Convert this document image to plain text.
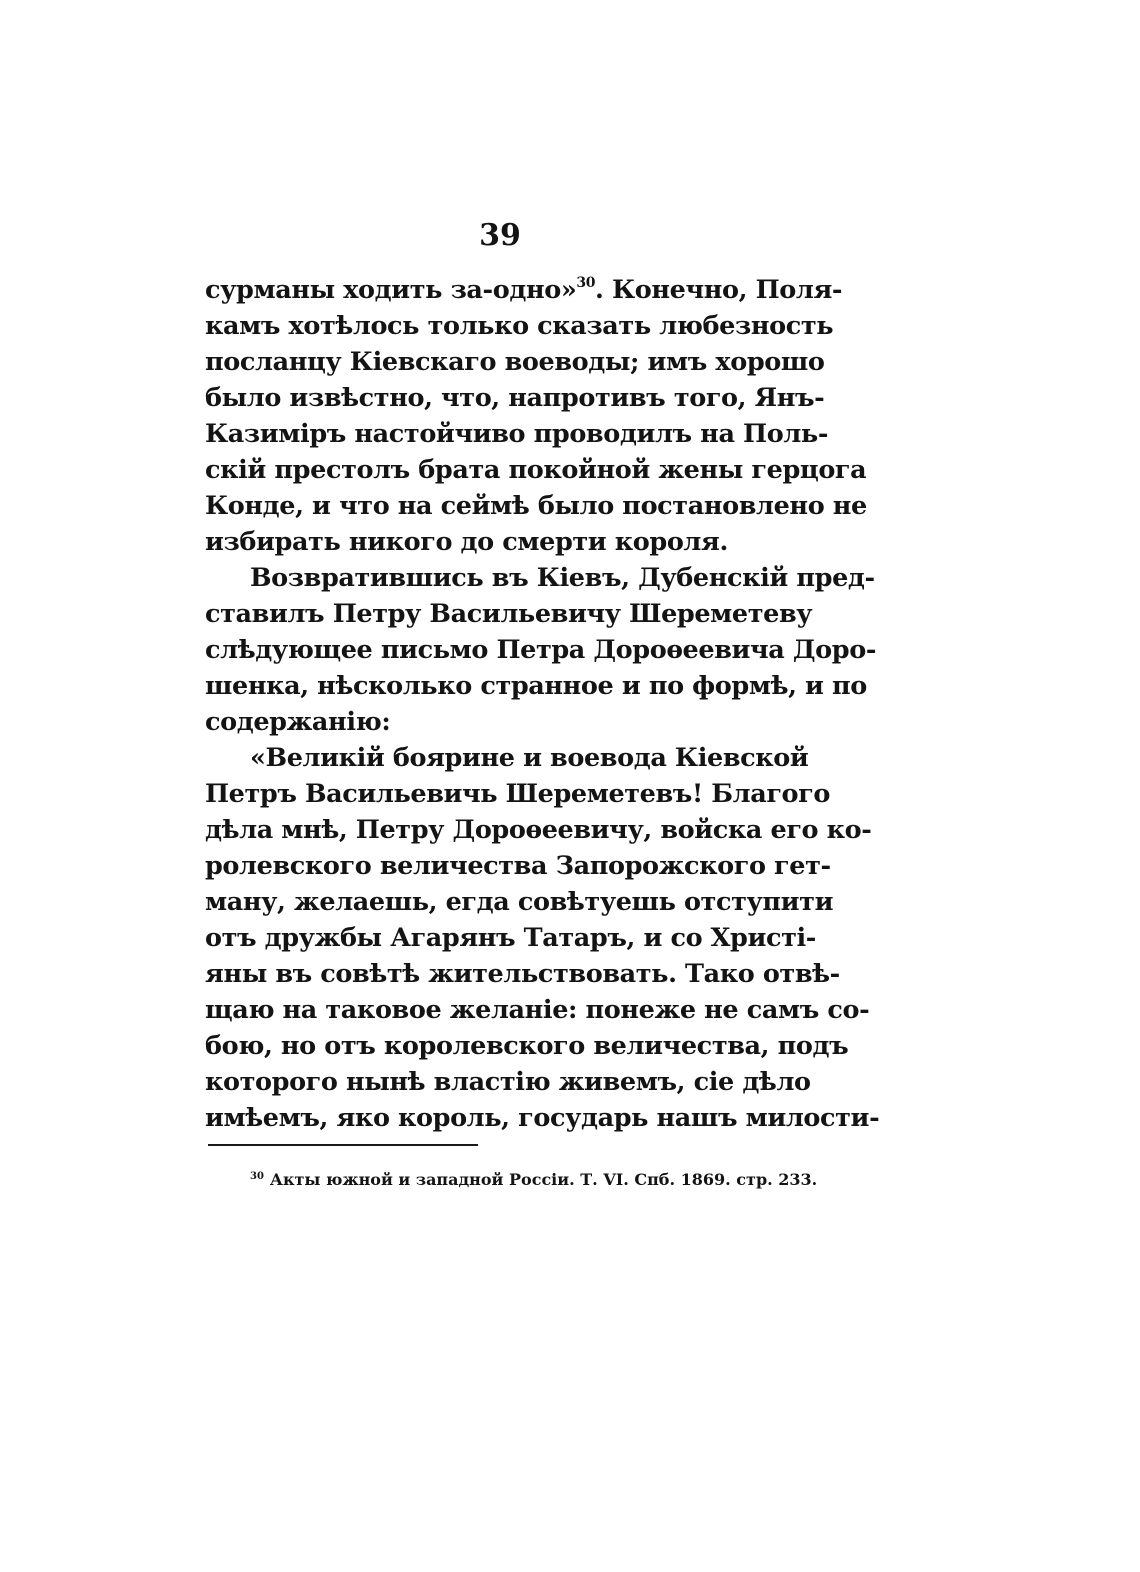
39
сурманы ходить за-одно»$^{30}$. Конечно, Поля-
камъ хотѣлось только сказать любезность
посланцу Кіевскаго воеводы; имъ хорошо
было извѣстно, что, напротивъ того, Янъ-
Казиміръ настойчиво проводилъ на Поль-
скій престолъ брата покойной жены герцога
Конде, и что на сеймѣ было постановлено не
избирать никого до смерти короля.
Возвратившись въ Кіевъ, Дубенскій пред-
ставилъ Петру Васильевичу Шереметеву
слѣдующее письмо Петра Дороѳеевича Доро-
шенка, нѣсколько странное и по формѣ, и по
содержанію:
«Великій боярине и воевода Кіевской
Петръ Васильевичь Шереметевъ! Благого
дѣла мнѣ, Петру Дороѳеевичу, войска его ко-
ролевского величества Запорожского гет-
ману, желаешь, егда совѣтуешь отступити
отъ дружбы Агарянъ Татаръ, и со Христі-
яны въ совѣтѣ жительствовать. Тако отвѣ-
щаю на таковое желаніе: понеже не самъ со-
бою, но отъ королевского величества, подъ
которого нынѣ властію живемъ, сіе дѣло
имѣемъ, яко король, государь нашъ милости-
$^{30}$ Акты южной и западной Россіи. Т. VI. Спб. 1869. стр. 233.
